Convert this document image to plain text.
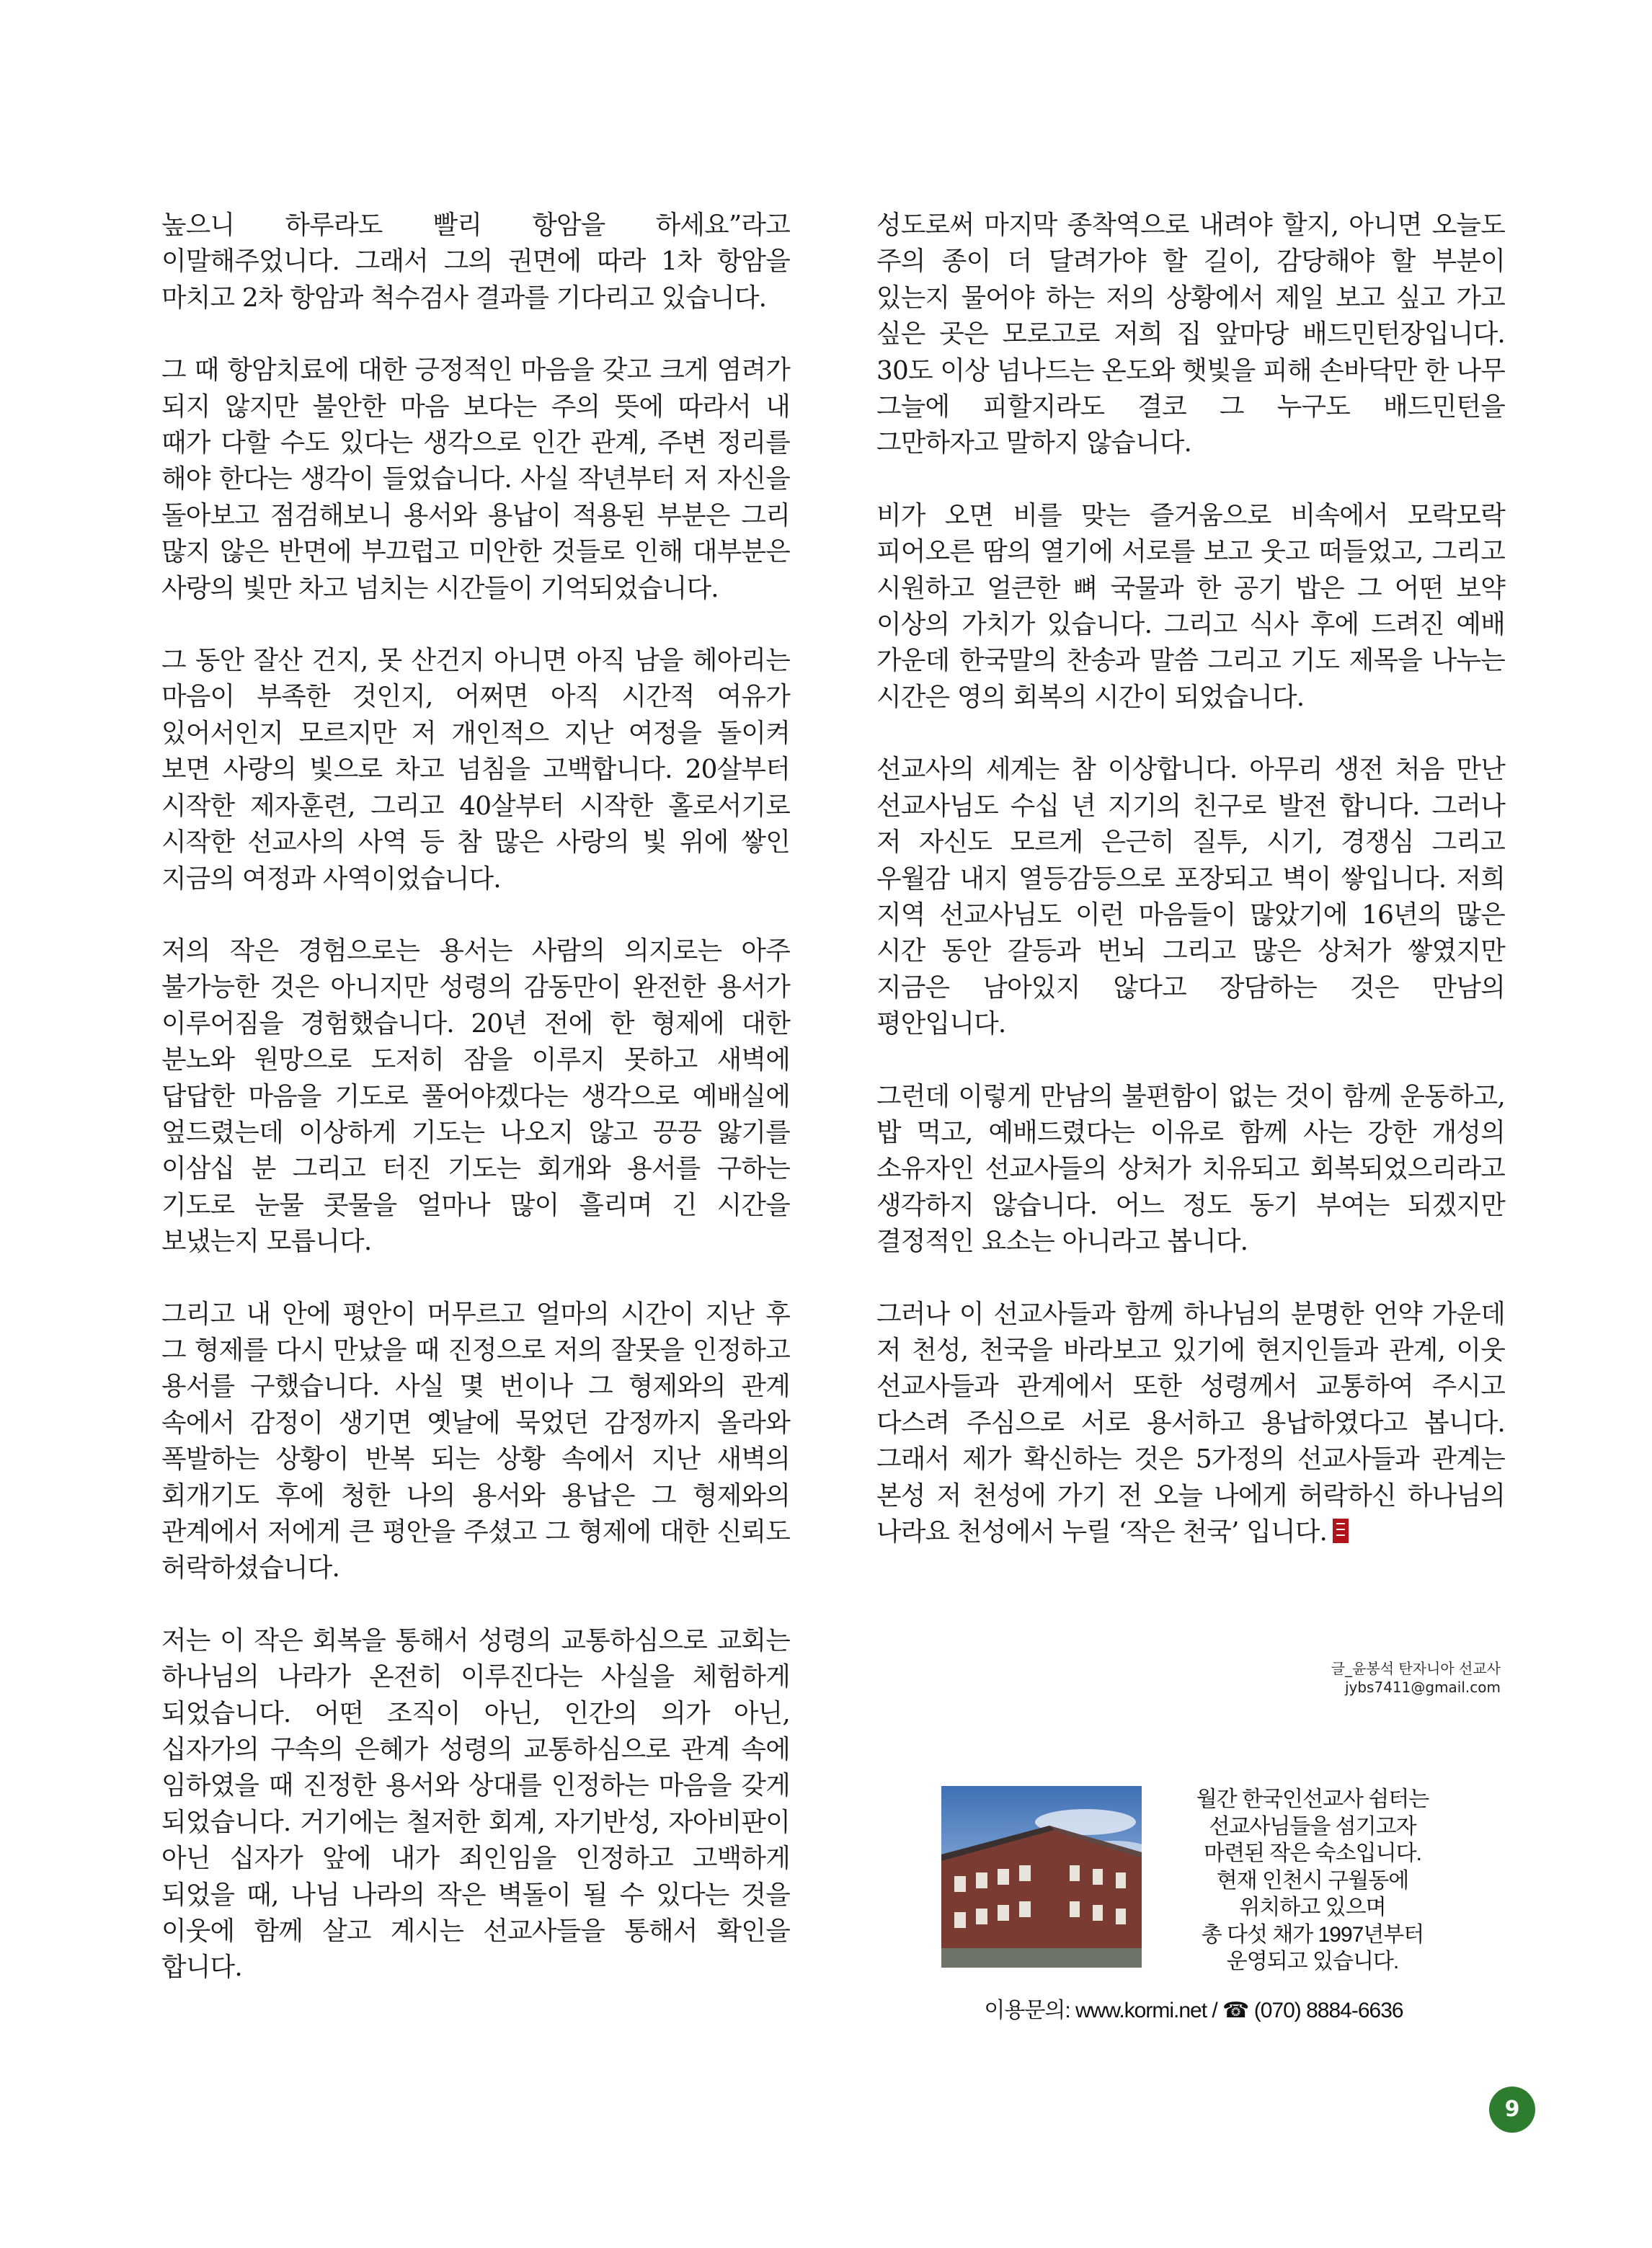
높으니 하루라도 빨리 항암을 하세요”라고 이말해주었니다. 그래서 그의 권면에 따라 1차 항암을 마치고 2차 항암과 척수검사 결과를 기다리고 있습니다.

그 때 항암치료에 대한 긍정적인 마음을 갖고 크게 염려가 되지 않지만 불안한 마음 보다는 주의 뜻에 따라서 내 때가 다할 수도 있다는 생각으로 인간 관계, 주변 정리를 해야 한다는 생각이 들었습니다. 사실 작년부터 저 자신을 돌아보고 점검해보니 용서와 용납이 적용된 부분은 그리 많지 않은 반면에 부끄럽고 미안한 것들로 인해 대부분은 사랑의 빛만 차고 넘치는 시간들이 기억되었습니다.

그 동안 잘산 건지, 못 산건지 아니면 아직 남을 헤아리는 마음이 부족한 것인지, 어쩌면 아직 시간적 여유가 있어서인지 모르지만 저 개인적으 지난 여정을 돌이켜 보면 사랑의 빛으로 차고 넘침을 고백합니다. 20살부터 시작한 제자훈련, 그리고 40살부터 시작한 홀로서기로 시작한 선교사의 사역 등 참 많은 사랑의 빛 위에 쌓인 지금의 여정과 사역이었습니다.

저의 작은 경험으로는 용서는 사람의 의지로는 아주 불가능한 것은 아니지만 성령의 감동만이 완전한 용서가 이루어짐을 경험했습니다. 20년 전에 한 형제에 대한 분노와 원망으로 도저히 잠을 이루지 못하고 새벽에 답답한 마음을 기도로 풀어야겠다는 생각으로 예배실에 엎드렸는데 이상하게 기도는 나오지 않고 끙끙 앓기를 이삼십 분 그리고 터진 기도는 회개와 용서를 구하는 기도로 눈물 콧물을 얼마나 많이 흘리며 긴 시간을 보냈는지 모릅니다.

그리고 내 안에 평안이 머무르고 얼마의 시간이 지난 후 그 형제를 다시 만났을 때 진정으로 저의 잘못을 인정하고 용서를 구했습니다. 사실 몇 번이나 그 형제와의 관계 속에서 감정이 생기면 옛날에 묵었던 감정까지 올라와 폭발하는 상황이 반복 되는 상황 속에서 지난 새벽의 회개기도 후에 청한 나의 용서와 용납은 그 형제와의 관계에서 저에게 큰 평안을 주셨고 그 형제에 대한 신뢰도 허락하셨습니다.

저는 이 작은 회복을 통해서 성령의 교통하심으로 교회는 하나님의 나라가 온전히 이루진다는 사실을 체험하게 되었습니다. 어떤 조직이 아닌, 인간의 의가 아닌, 십자가의 구속의 은혜가 성령의 교통하심으로 관계 속에 임하였을 때 진정한 용서와 상대를 인정하는 마음을 갖게 되었습니다. 거기에는 철저한 회계, 자기반성, 자아비판이 아닌 십자가 앞에 내가 죄인임을 인정하고 고백하게 되었을 때, 나님 나라의 작은 벽돌이 될 수 있다는 것을 이웃에 함께 살고 계시는 선교사들을 통해서 확인을 합니다.

성도로써 마지막 종착역으로 내려야 할지, 아니면 오늘도 주의 종이 더 달려가야 할 길이, 감당해야 할 부분이 있는지 물어야 하는 저의 상황에서 제일 보고 싶고 가고 싶은 곳은 모로고로 저희 집 앞마당 배드민턴장입니다. 30도 이상 넘나드는 온도와 햇빛을 피해 손바닥만 한 나무 그늘에 피할지라도 결코 그 누구도 배드민턴을 그만하자고 말하지 않습니다.

비가 오면 비를 맞는 즐거움으로 비속에서 모락모락 피어오른 땀의 열기에 서로를 보고 웃고 떠들었고, 그리고 시원하고 얼큰한 뼈 국물과 한 공기 밥은 그 어떤 보약 이상의 가치가 있습니다. 그리고 식사 후에 드려진 예배 가운데 한국말의 찬송과 말씀 그리고 기도 제목을 나누는 시간은 영의 회복의 시간이 되었습니다.

선교사의 세계는 참 이상합니다. 아무리 생전 처음 만난 선교사님도 수십 년 지기의 친구로 발전 합니다. 그러나 저 자신도 모르게 은근히 질투, 시기, 경쟁심 그리고 우월감 내지 열등감등으로 포장되고 벽이 쌓입니다. 저희 지역 선교사님도 이런 마음들이 많았기에 16년의 많은 시간 동안 갈등과 번뇌 그리고 많은 상처가 쌓였지만 지금은 남아있지 않다고 장담하는 것은 만남의 평안입니다.

그런데 이렇게 만남의 불편함이 없는 것이 함께 운동하고, 밥 먹고, 예배드렸다는 이유로 함께 사는 강한 개성의 소유자인 선교사들의 상처가 치유되고 회복되었으리라고 생각하지 않습니다. 어느 정도 동기 부여는 되겠지만 결정적인 요소는 아니라고 봅니다.

그러나 이 선교사들과 함께 하나님의 분명한 언약 가운데 저 천성, 천국을 바라보고 있기에 현지인들과 관계, 이웃 선교사들과 관계에서 또한 성령께서 교통하여 주시고 다스려 주심으로 서로 용서하고 용납하였다고 봅니다. 그래서 제가 확신하는 것은 5가정의 선교사들과 관계는 본성 저 천성에 가기 전 오늘 나에게 허락하신 하나님의 나라요 천성에서 누릴 ‘작은 천국’ 입니다.

글_윤봉석 탄자니아 선교사
jybs7411@gmail.com
월간 한국인선교사 쉼터는
선교사님들을 섬기고자
마련된 작은 숙소입니다.
현재 인천시 구월동에
위치하고 있으며
총 다섯 채가 1997년부터
운영되고 있습니다.
이용문의: www.kormi.net / ☎ (070) 8884-6636
9
